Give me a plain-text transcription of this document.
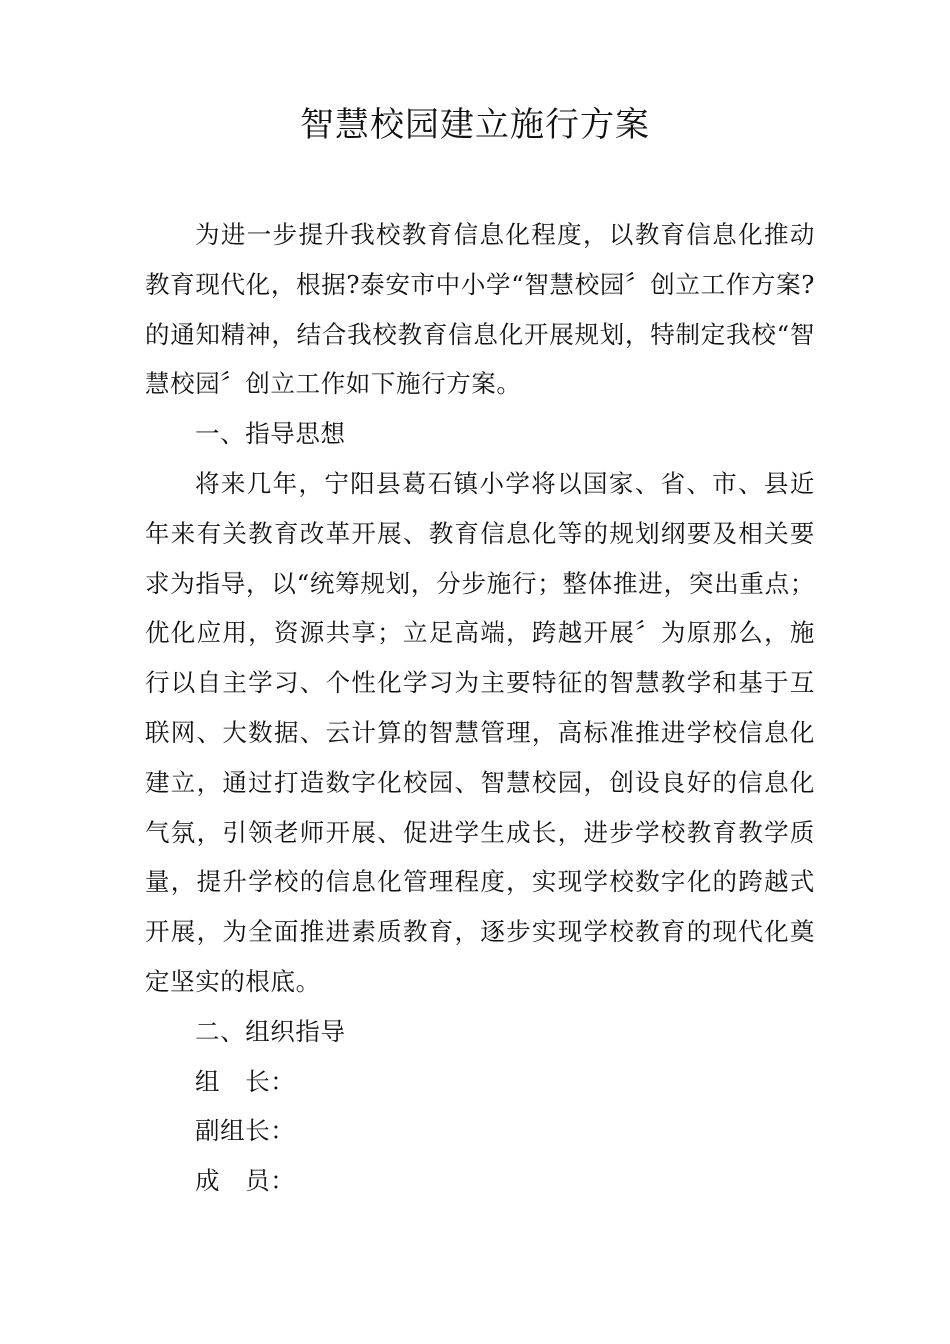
智慧校园建立施行方案

为进一步提升我校教育信息化程度，以教育信息化推动教育现代化，根据?泰安市中小学“智慧校园〞创立工作方案?的通知精神，结合我校教育信息化开展规划，特制定我校“智慧校园〞创立工作如下施行方案。

一、指导思想

将来几年，宁阳县葛石镇小学将以国家、省、市、县近年来有关教育改革开展、教育信息化等的规划纲要及相关要求为指导，以“统筹规划，分步施行；整体推进，突出重点；优化应用，资源共享；立足高端，跨越开展〞为原那么，施行以自主学习、个性化学习为主要特征的智慧教学和基于互联网、大数据、云计算的智慧管理，高标准推进学校信息化建立，通过打造数字化校园、智慧校园，创设良好的信息化气氛，引领老师开展、促进学生成长，进步学校教育教学质量，提升学校的信息化管理程度，实现学校数字化的跨越式开展，为全面推进素质教育，逐步实现学校教育的现代化奠定坚实的根底。

二、组织指导

组　长：

副组长：

成　员：
